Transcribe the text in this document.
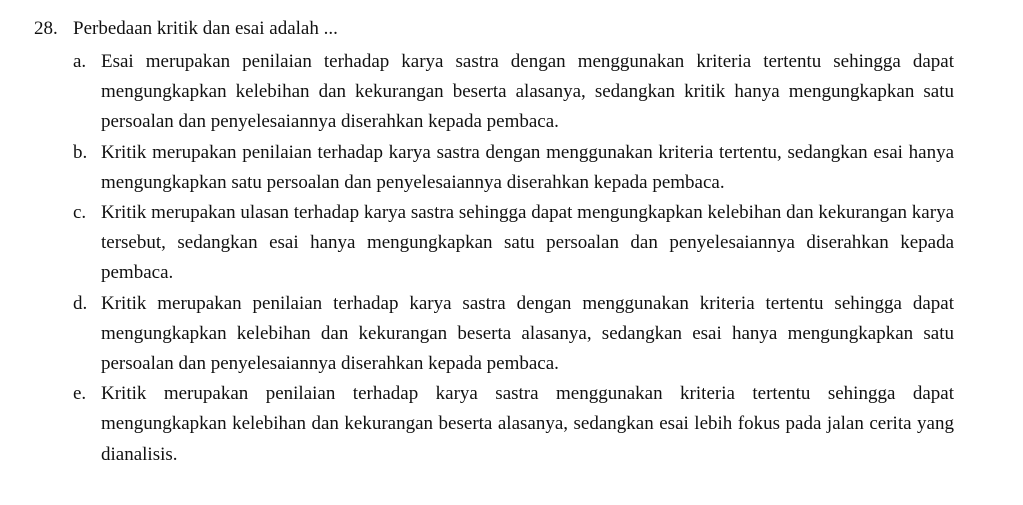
28. Perbedaan kritik dan esai adalah ...
a. Esai merupakan penilaian terhadap karya sastra dengan menggunakan kriteria tertentu sehingga dapat mengungkapkan kelebihan dan kekurangan beserta alasanya, sedangkan kritik hanya mengungkapkan satu persoalan dan penyelesaiannya diserahkan kepada pembaca.
b. Kritik merupakan penilaian terhadap karya sastra dengan menggunakan kriteria tertentu, sedangkan esai hanya mengungkapkan satu persoalan dan penyelesaiannya diserahkan kepada pembaca.
c. Kritik merupakan ulasan terhadap karya sastra sehingga dapat mengungkapkan kelebihan dan kekurangan karya tersebut, sedangkan esai hanya mengungkapkan satu persoalan dan penyelesaiannya diserahkan kepada pembaca.
d. Kritik merupakan penilaian terhadap karya sastra dengan menggunakan kriteria tertentu sehingga dapat mengungkapkan kelebihan dan kekurangan beserta alasanya, sedangkan esai hanya mengungkapkan satu persoalan dan penyelesaiannya diserahkan kepada pembaca.
e. Kritik merupakan penilaian terhadap karya sastra menggunakan kriteria tertentu sehingga dapat mengungkapkan kelebihan dan kekurangan beserta alasanya, sedangkan esai lebih fokus pada jalan cerita yang dianalisis.
